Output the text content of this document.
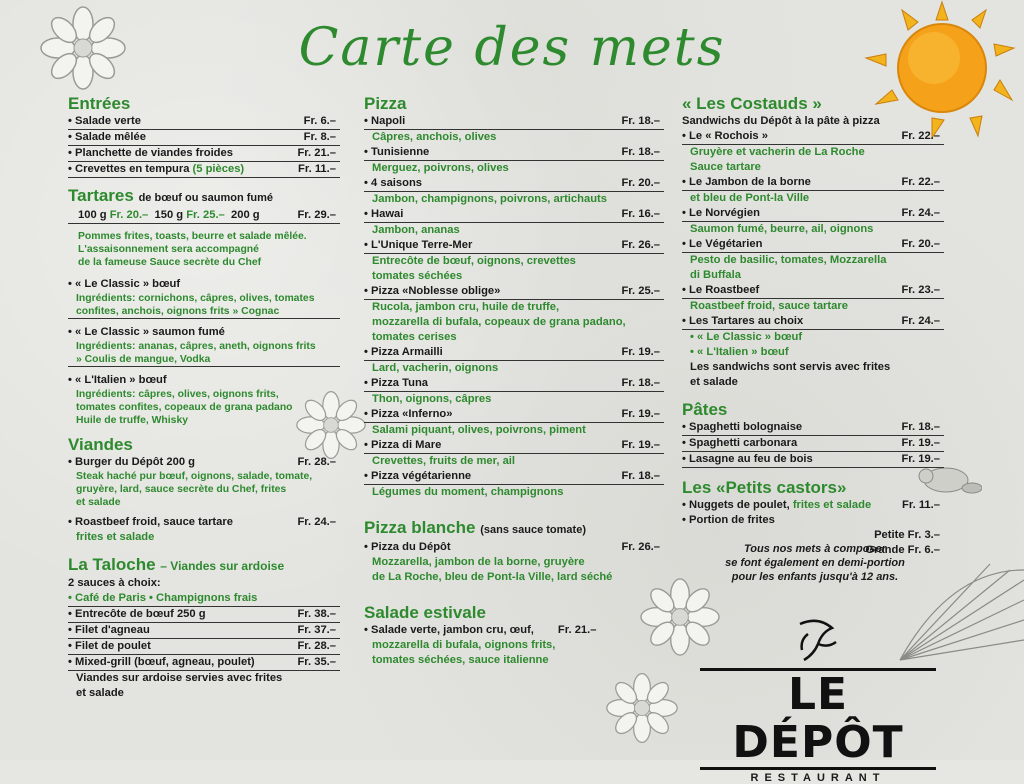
Carte des mets
Entrées
• Salade verte	Fr. 6.–
• Salade mêlée	Fr. 8.–
• Planchette de viandes froides	Fr. 21.–
• Crevettes en tempura (5 pièces)	Fr. 11.–
Tartares de bœuf ou saumon fumé
100 g Fr. 20.– 150 g Fr. 25.– 200 g	Fr. 29.–
Pommes frites, toasts, beurre et salade mêlée.
L'assaisonnement sera accompagné
de la fameuse Sauce secrète du Chef
• « Le Classic » bœuf
Ingrédients: cornichons, câpres, olives, tomates
confites, anchois, oignons frits » Cognac
• « Le Classic » saumon fumé
Ingrédients: ananas, câpres, aneth, oignons frits
» Coulis de mangue, Vodka
• « L'Italien » bœuf
Ingrédients: câpres, olives, oignons frits,
tomates confites, copeaux de grana padano
Huile de truffe, Whisky
Viandes
• Burger du Dépôt 200 g	Fr. 28.–
Steak haché pur bœuf, oignons, salade, tomate,
gruyère, lard, sauce secrète du Chef, frites
et salade
• Roastbeef froid, sauce tartare	Fr. 24.–
frites et salade
La Taloche – Viandes sur ardoise
2 sauces à choix:
• Café de Paris • Champignons frais
• Entrecôte de bœuf 250 g	Fr. 38.–
• Filet d'agneau	Fr. 37.–
• Filet de poulet	Fr. 28.–
• Mixed-grill (bœuf, agneau, poulet)	Fr. 35.–
Viandes sur ardoise servies avec frites
et salade
Pizza
• Napoli	Fr. 18.–
Câpres, anchois, olives
• Tunisienne	Fr. 18.–
Merguez, poivrons, olives
• 4 saisons	Fr. 20.–
Jambon, champignons, poivrons, artichauts
• Hawai	Fr. 16.–
Jambon, ananas
• L'Unique Terre-Mer	Fr. 26.–
Entrecôte de bœuf, oignons, crevettes
tomates séchées
• Pizza «Noblesse oblige»	Fr. 25.–
Rucola, jambon cru, huile de truffe,
mozzarella di bufala, copeaux de grana padano,
tomates cerises
• Pizza Armailli	Fr. 19.–
Lard, vacherin, oignons
• Pizza Tuna	Fr. 18.–
Thon, oignons, câpres
• Pizza «Inferno»	Fr. 19.–
Salami piquant, olives, poivrons, piment
• Pizza di Mare	Fr. 19.–
Crevettes, fruits de mer, ail
• Pizza végétarienne	Fr. 18.–
Légumes du moment, champignons
Pizza blanche (sans sauce tomate)
• Pizza du Dépôt	Fr. 26.–
Mozzarella, jambon de la borne, gruyère
de La Roche, bleu de Pont-la Ville, lard séché
Salade estivale
• Salade verte, jambon cru, œuf, Fr. 21.–
mozzarella di bufala, oignons frits,
tomates séchées, sauce italienne
« Les Costauds »
Sandwichs du Dépôt à la pâte à pizza
• Le « Rochois »	Fr. 22.–
Gruyère et vacherin de La Roche
Sauce tartare
• Le Jambon de la borne	Fr. 22.–
et bleu de Pont-la Ville
• Le Norvégien	Fr. 24.–
Saumon fumé, beurre, ail, oignons
• Le Végétarien	Fr. 20.–
Pesto de basilic, tomates, Mozzarella
di Buffala
• Le Roastbeef	Fr. 23.–
Roastbeef froid, sauce tartare
• Les Tartares au choix	Fr. 24.–
• « Le Classic » bœuf
• « L'Italien » bœuf
Les sandwichs sont servis avec frites
et salade
Pâtes
• Spaghetti bolognaise	Fr. 18.–
• Spaghetti carbonara	Fr. 19.–
• Lasagne au feu de bois	Fr. 19.–
Les «Petits castors»
• Nuggets de poulet, frites et salade	Fr. 11.–
• Portion de frites
Petite Fr. 3.–
Grande Fr. 6.–
Tous nos mets à composer
se font également en demi-portion
pour les enfants jusqu'à 12 ans.
LE DÉPÔT
RESTAURANT
